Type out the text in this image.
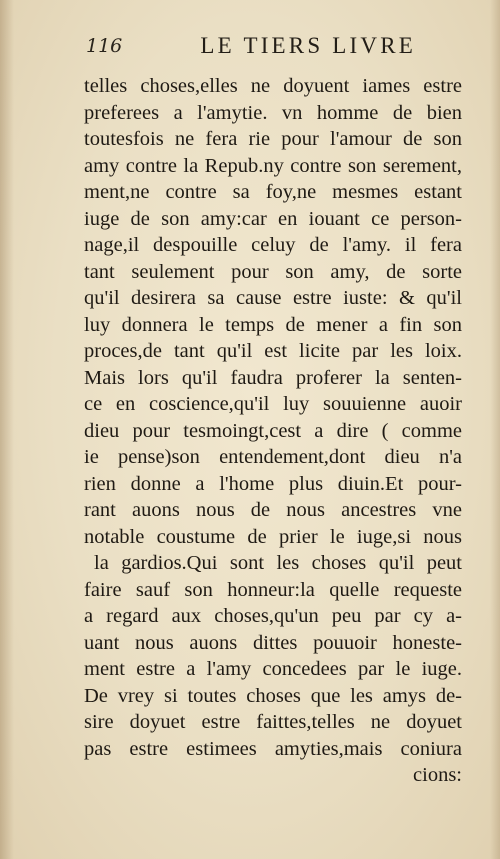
116	LE TIERS LIVRE
telles choses,elles ne doyuent iames estre
preferees a l'amytie. vn homme de bien
toutesfois ne fera rie pour l'amour de son
amy contre la Repub.ny contre son serement,
ment,ne contre sa foy,ne mesmes estant
iuge de son amy:car en iouant ce person-
nage,il despouille celuy de l'amy. il fera
tant seulement pour son amy, de sorte
qu'il desirera sa cause estre iuste: & qu'il
luy donnera le temps de mener a fin son
proces,de tant qu'il est licite par les loix.
Mais lors qu'il faudra proferer la senten-
ce en coscience,qu'il luy souuienne auoir
dieu pour tesmoingt,cest a dire ( comme
ie pense)son entendement,dont dieu n'a
rien donne a l'home plus diuin.Et pour-
rant auons nous de nous ancestres vne
notable coustume de prier le iuge,si nous
la gardios.Qui sont les choses qu'il peut
faire sauf son honneur:la quelle requeste
a regard aux choses,qu'un peu par cy a-
uant nous auons dittes pouuoir honeste-
ment estre a l'amy concedees par le iuge.
De vrey si toutes choses que les amys de-
sire doyuet estre faittes,telles ne doyuet
pas estre estimees amyties,mais coniura
cions:
